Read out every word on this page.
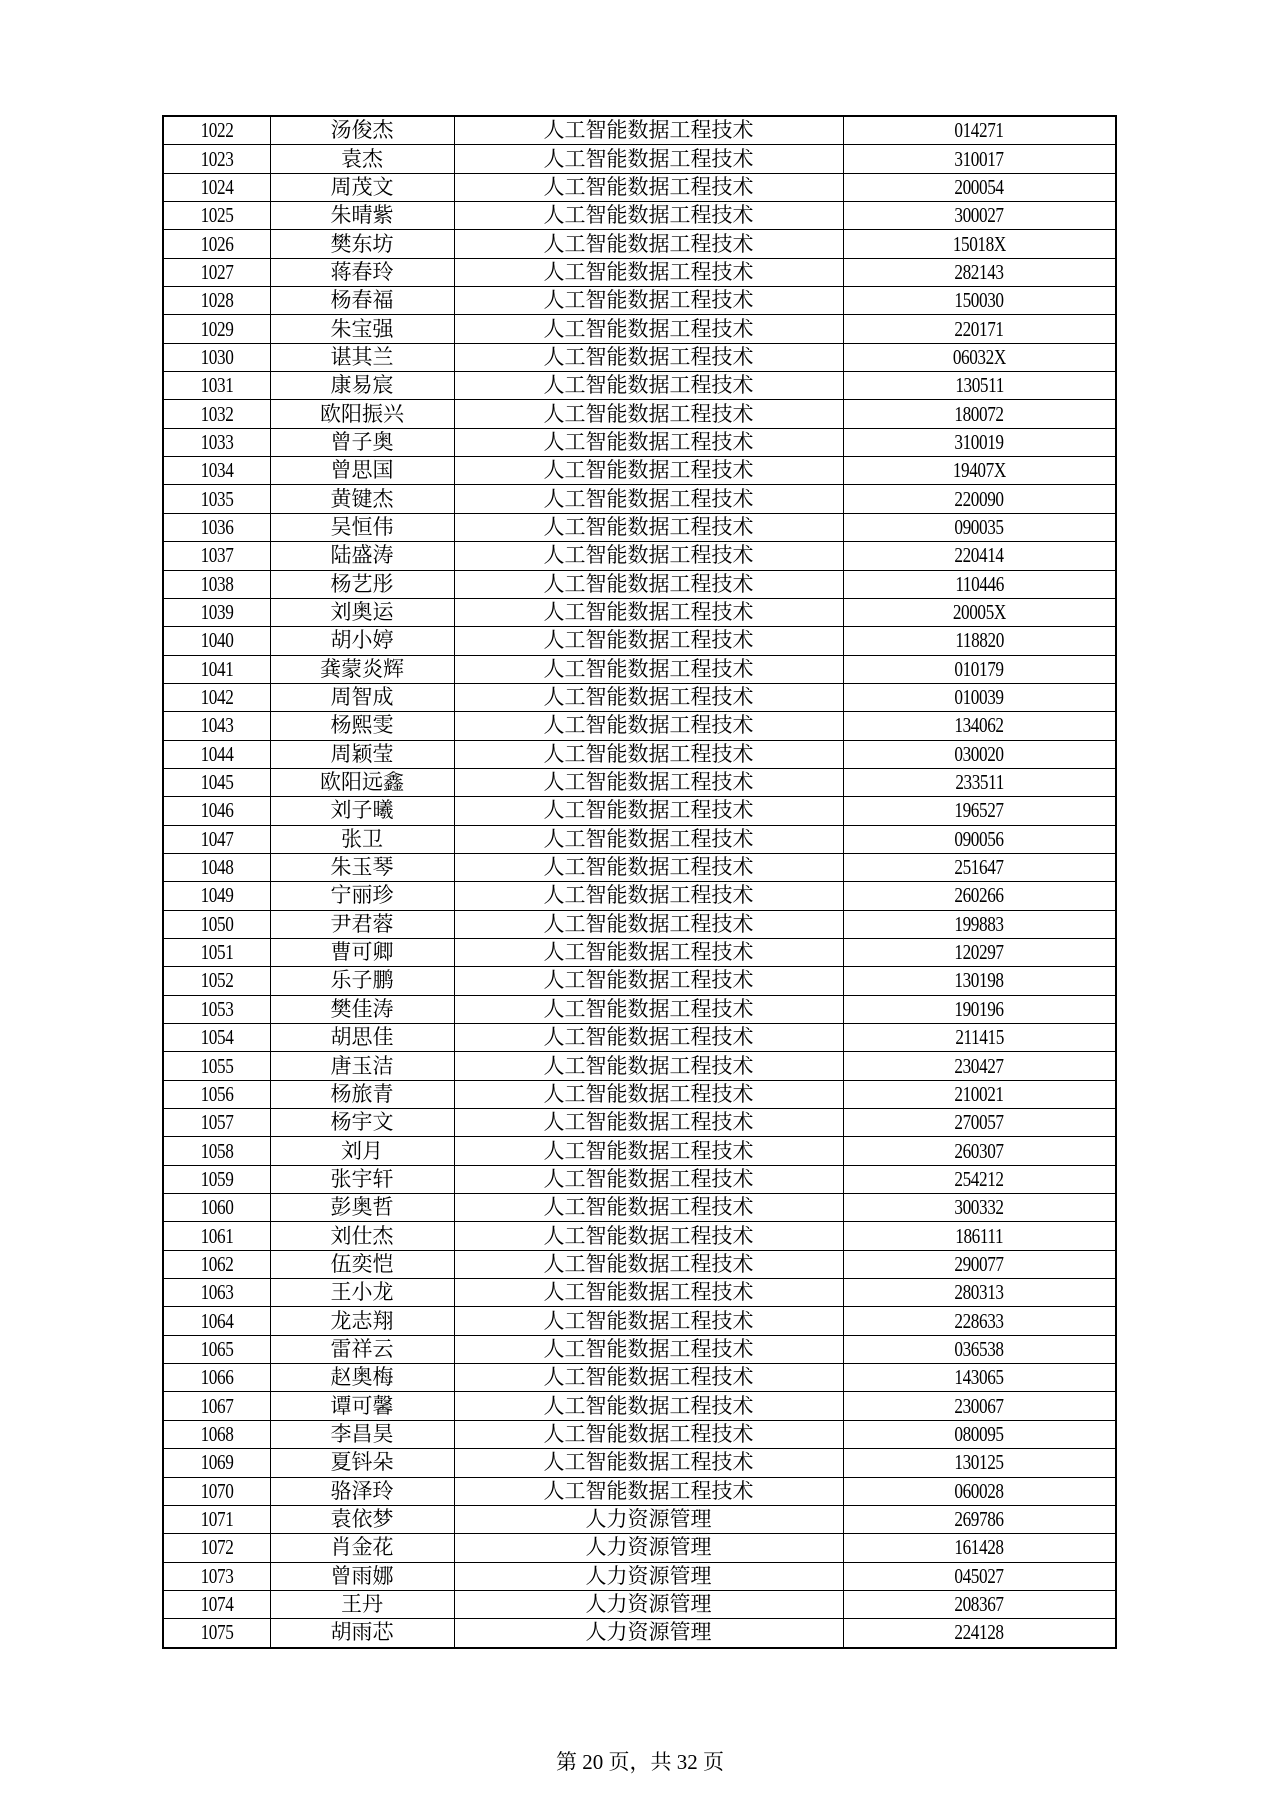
1022	汤俊杰	人工智能数据工程技术	014271
1023	袁杰	人工智能数据工程技术	310017
1024	周茂文	人工智能数据工程技术	200054
1025	朱晴紫	人工智能数据工程技术	300027
1026	樊东坊	人工智能数据工程技术	15018X
1027	蒋春玲	人工智能数据工程技术	282143
1028	杨春福	人工智能数据工程技术	150030
1029	朱宝强	人工智能数据工程技术	220171
1030	谌其兰	人工智能数据工程技术	06032X
1031	康易宸	人工智能数据工程技术	130511
1032	欧阳振兴	人工智能数据工程技术	180072
1033	曾子奥	人工智能数据工程技术	310019
1034	曾思国	人工智能数据工程技术	19407X
1035	黄键杰	人工智能数据工程技术	220090
1036	吴恒伟	人工智能数据工程技术	090035
1037	陆盛涛	人工智能数据工程技术	220414
1038	杨艺彤	人工智能数据工程技术	110446
1039	刘奥运	人工智能数据工程技术	20005X
1040	胡小婷	人工智能数据工程技术	118820
1041	龚蒙炎辉	人工智能数据工程技术	010179
1042	周智成	人工智能数据工程技术	010039
1043	杨熙雯	人工智能数据工程技术	134062
1044	周颖莹	人工智能数据工程技术	030020
1045	欧阳远鑫	人工智能数据工程技术	233511
1046	刘子曦	人工智能数据工程技术	196527
1047	张卫	人工智能数据工程技术	090056
1048	朱玉琴	人工智能数据工程技术	251647
1049	宁丽珍	人工智能数据工程技术	260266
1050	尹君蓉	人工智能数据工程技术	199883
1051	曹可卿	人工智能数据工程技术	120297
1052	乐子鹏	人工智能数据工程技术	130198
1053	樊佳涛	人工智能数据工程技术	190196
1054	胡思佳	人工智能数据工程技术	211415
1055	唐玉洁	人工智能数据工程技术	230427
1056	杨旅青	人工智能数据工程技术	210021
1057	杨宇文	人工智能数据工程技术	270057
1058	刘月	人工智能数据工程技术	260307
1059	张宇轩	人工智能数据工程技术	254212
1060	彭奥哲	人工智能数据工程技术	300332
1061	刘仕杰	人工智能数据工程技术	186111
1062	伍奕恺	人工智能数据工程技术	290077
1063	王小龙	人工智能数据工程技术	280313
1064	龙志翔	人工智能数据工程技术	228633
1065	雷祥云	人工智能数据工程技术	036538
1066	赵奥梅	人工智能数据工程技术	143065
1067	谭可馨	人工智能数据工程技术	230067
1068	李昌昊	人工智能数据工程技术	080095
1069	夏钭朵	人工智能数据工程技术	130125
1070	骆泽玲	人工智能数据工程技术	060028
1071	袁依梦	人力资源管理	269786
1072	肖金花	人力资源管理	161428
1073	曾雨娜	人力资源管理	045027
1074	王丹	人力资源管理	208367
1075	胡雨芯	人力资源管理	224128
第 20 页，共 32 页
